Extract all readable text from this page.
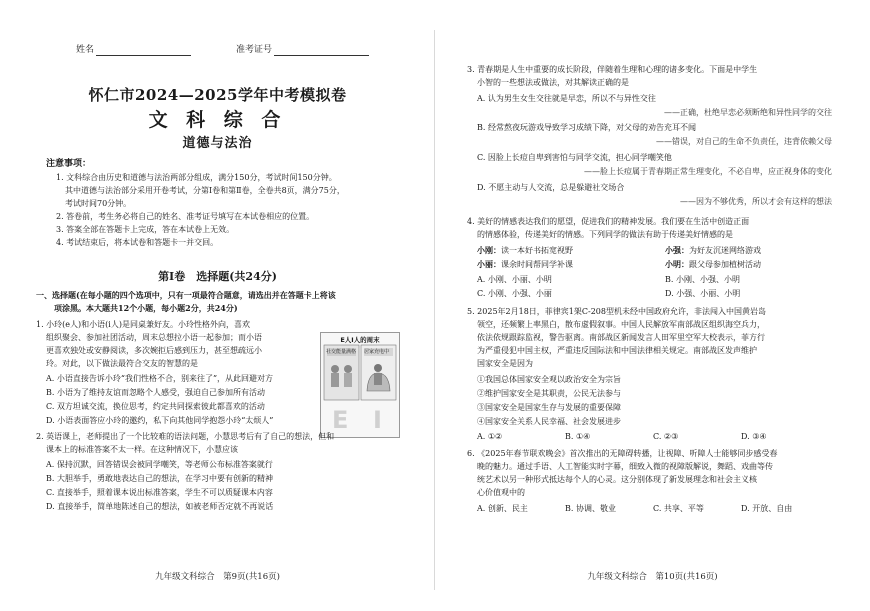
姓名	准考证号
怀仁市2024—2025学年中考模拟卷
文 科 综 合
道德与法治
注意事项：
1. 文科综合由历史和道德与法治两部分组成，满分150分，考试时间150分钟。
其中道德与法治部分采用开卷考试，分第Ⅰ卷和第Ⅱ卷，全卷共8页，满分75分，
考试时间70分钟。
2. 答卷前，考生务必将自己的姓名、准考证号填写在本试卷相应的位置。
3. 答案全部在答题卡上完成，答在本试卷上无效。
4. 考试结束后，将本试卷和答题卡一并交回。
第Ⅰ卷　选择题(共24分)
一、选择题(在每小题的四个选项中，只有一项最符合题意，请选出并在答题卡上将该
项涂黑。本大题共12个小题，每小题2分，共24分)
1. 小玲(e人)和小语(i人)是同桌兼好友。小玲性格外向，喜欢
组织聚会、参加社团活动，周末总想拉小语一起参加；而小语
更喜欢独处或安静阅读，多次婉拒后感到压力，甚至想疏远小
玲。对此，以下做法最符合交友的智慧的是
A. 小语直接告诉小玲“我们性格不合，别来往了”，从此回避对方
B. 小语为了维持友谊而忽略个人感受，强迫自己参加所有活动
C. 双方坦诚交流，换位思考，约定共同探索彼此都喜欢的活动
D. 小语表面答应小玲的邀约，私下向其他同学抱怨小玲“太烦人”
E人I人的周末
E I
社交能量满格 居家充电中
2. 英语课上，老师提出了一个比较难的语法问题，小慧思考后有了自己的想法，但和
课本上的标准答案不太一样。在这种情况下，小慧应该
A. 保持沉默，回答错误会被同学嘲笑，等老师公布标准答案就行
B. 大胆举手，勇敢地表达自己的想法，在学习中要有创新的精神
C. 直接举手，照着课本说出标准答案，学生不可以质疑课本内容
D. 直接举手，简单地陈述自己的想法，如被老师否定就不再说话
九年级文科综合　第9页(共16页)
3. 青春期是人生中重要的成长阶段，伴随着生理和心理的诸多变化。下面是中学生
小智的一些想法或做法，对其解读正确的是
A. 认为男生女生交往就是早恋，所以不与异性交往
——正确，杜绝早恋必须断绝和异性同学的交往
B. 经常熬夜玩游戏导致学习成绩下降，对父母的劝告充耳不闻
——错误，对自己的生命不负责任，违背依赖父母
C. 因脸上长痘自卑到害怕与同学交流，担心同学嘲笑他
——脸上长痘属于青春期正常生理变化，不必自卑，应正视身体的变化
D. 不愿主动与人交流，总是躲避社交场合
——因为不够优秀，所以才会有这样的想法
4. 美好的情感表达我们的愿望，促进我们的精神发展。我们要在生活中创造正面
的情感体验，传递美好的情感。下列同学的做法有助于传递美好情感的是
小刚：读一本好书拓宽视野	小强：为好友沉迷网络游戏
小丽：课余时间帮同学补课	小明：跟父母参加植树活动
A. 小刚、小丽、小明	B. 小刚、小强、小明
C. 小刚、小强、小丽	D. 小强、小丽、小明
5. 2025年2月18日，菲律宾1架C-208型机未经中国政府允许，非法闯入中国黄岩岛
领空，还频繁上率黑白，散布虚假叙事。中国人民解放军南部战区组织海空兵力，
依法依规跟踪监视，警告驱离。南部战区新闻发言人田军里空军大校表示，菲方行
为严重侵犯中国主权，严重违反国际法和中国法律相关规定。南部战区发声维护
国家安全是因为
①我国总体国家安全观以政治安全为宗旨
②维护国家安全是其职责，公民无法参与
③国家安全是国家生存与发展的重要保障
④国家安全关系人民幸福、社会发展进步
A. ①②	B. ①④	C. ②③	D. ③④
6. 《2025年春节联欢晚会》首次推出的无障碍转播，让视障、听障人士能够同步感受春
晚的魅力。通过手语、人工智能实时字幕，细致入微的视障版解说，舞蹈、戏曲等传
统艺术以另一种形式抵达每个人的心灵。这分别体现了新发展理念和社会主义核
心价值观中的
A. 创新、民主	B. 协调、敬业	C. 共享、平等	D. 开放、自由
九年级文科综合　第10页(共16页)
